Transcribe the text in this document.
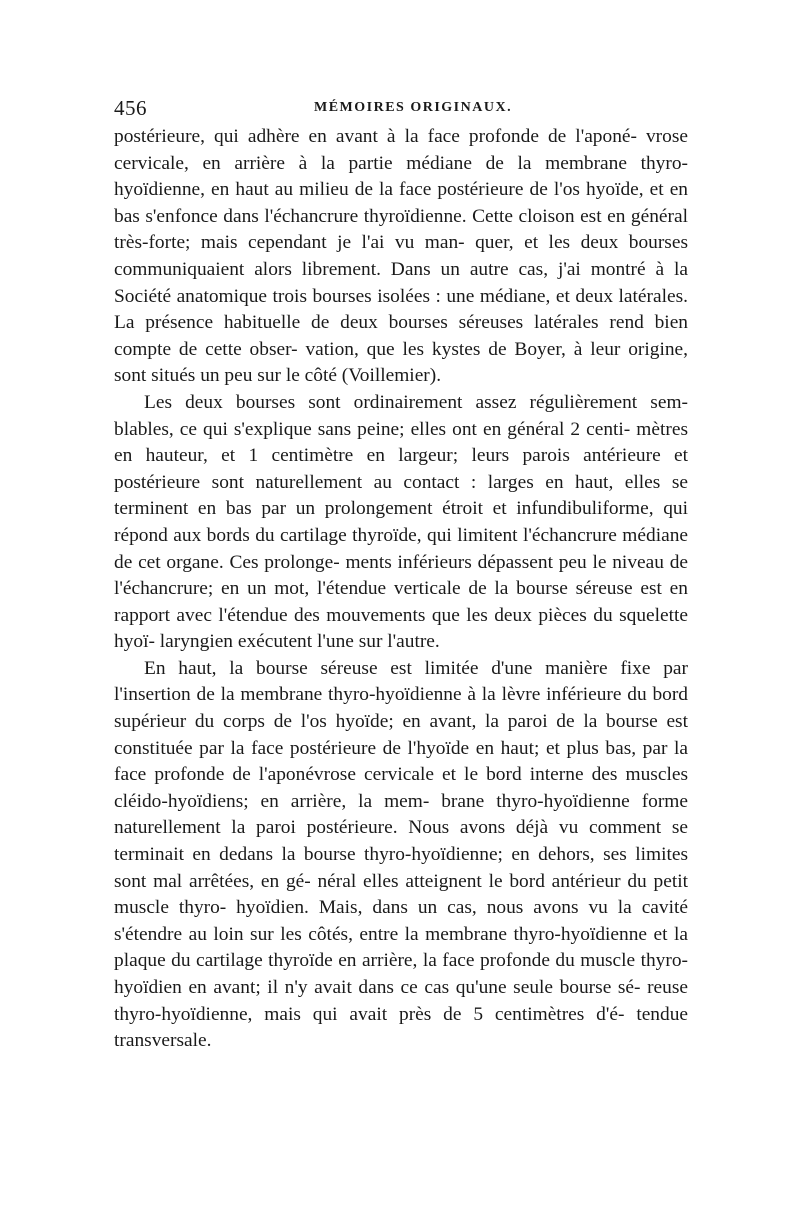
456	MÉMOIRES ORIGINAUX.

postérieure, qui adhère en avant à la face profonde de l'aponé- vrose cervicale, en arrière à la partie médiane de la membrane thyro-hyoïdienne, en haut au milieu de la face postérieure de l'os hyoïde, et en bas s'enfonce dans l'échancrure thyroïdienne. Cette cloison est en général très-forte; mais cependant je l'ai vu man- quer, et les deux bourses communiquaient alors librement. Dans un autre cas, j'ai montré à la Société anatomique trois bourses isolées : une médiane, et deux latérales. La présence habituelle de deux bourses séreuses latérales rend bien compte de cette obser- vation, que les kystes de Boyer, à leur origine, sont situés un peu sur le côté (Voillemier).

Les deux bourses sont ordinairement assez régulièrement sem- blables, ce qui s'explique sans peine; elles ont en général 2 centi- mètres en hauteur, et 1 centimètre en largeur; leurs parois antérieure et postérieure sont naturellement au contact : larges en haut, elles se terminent en bas par un prolongement étroit et infundibuliforme, qui répond aux bords du cartilage thyroïde, qui limitent l'échancrure médiane de cet organe. Ces prolonge- ments inférieurs dépassent peu le niveau de l'échancrure; en un mot, l'étendue verticale de la bourse séreuse est en rapport avec l'étendue des mouvements que les deux pièces du squelette hyoï- laryngien exécutent l'une sur l'autre.

En haut, la bourse séreuse est limitée d'une manière fixe par l'insertion de la membrane thyro-hyoïdienne à la lèvre inférieure du bord supérieur du corps de l'os hyoïde; en avant, la paroi de la bourse est constituée par la face postérieure de l'hyoïde en haut; et plus bas, par la face profonde de l'aponévrose cervicale et le bord interne des muscles cléido-hyoïdiens; en arrière, la mem- brane thyro-hyoïdienne forme naturellement la paroi postérieure. Nous avons déjà vu comment se terminait en dedans la bourse thyro-hyoïdienne; en dehors, ses limites sont mal arrêtées, en gé- néral elles atteignent le bord antérieur du petit muscle thyro- hyoïdien. Mais, dans un cas, nous avons vu la cavité s'étendre au loin sur les côtés, entre la membrane thyro-hyoïdienne et la plaque du cartilage thyroïde en arrière, la face profonde du muscle thyro- hyoïdien en avant; il n'y avait dans ce cas qu'une seule bourse sé- reuse thyro-hyoïdienne, mais qui avait près de 5 centimètres d'é- tendue transversale.
